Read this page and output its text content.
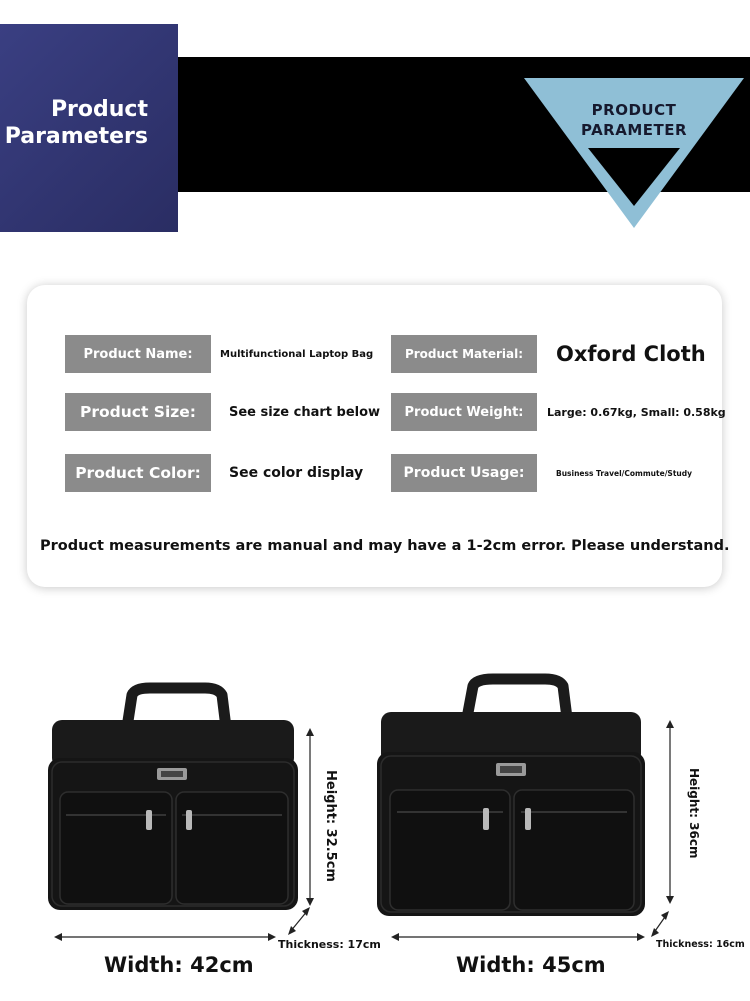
Product
Parameters
PRODUCT
PARAMETER
Product Name:	Multifunctional Laptop Bag	Product Material:	Oxford Cloth
Product Size:	See size chart below	Product Weight:	Large: 0.67kg, Small: 0.58kg
Product Color:	See color display	Product Usage:	Business Travel/Commute/Study
Product measurements are manual and may have a 1-2cm error. Please understand.
Height: 32.5cm
Thickness: 17cm
Width: 42cm
Height: 36cm
Thickness: 16cm
Width: 45cm
